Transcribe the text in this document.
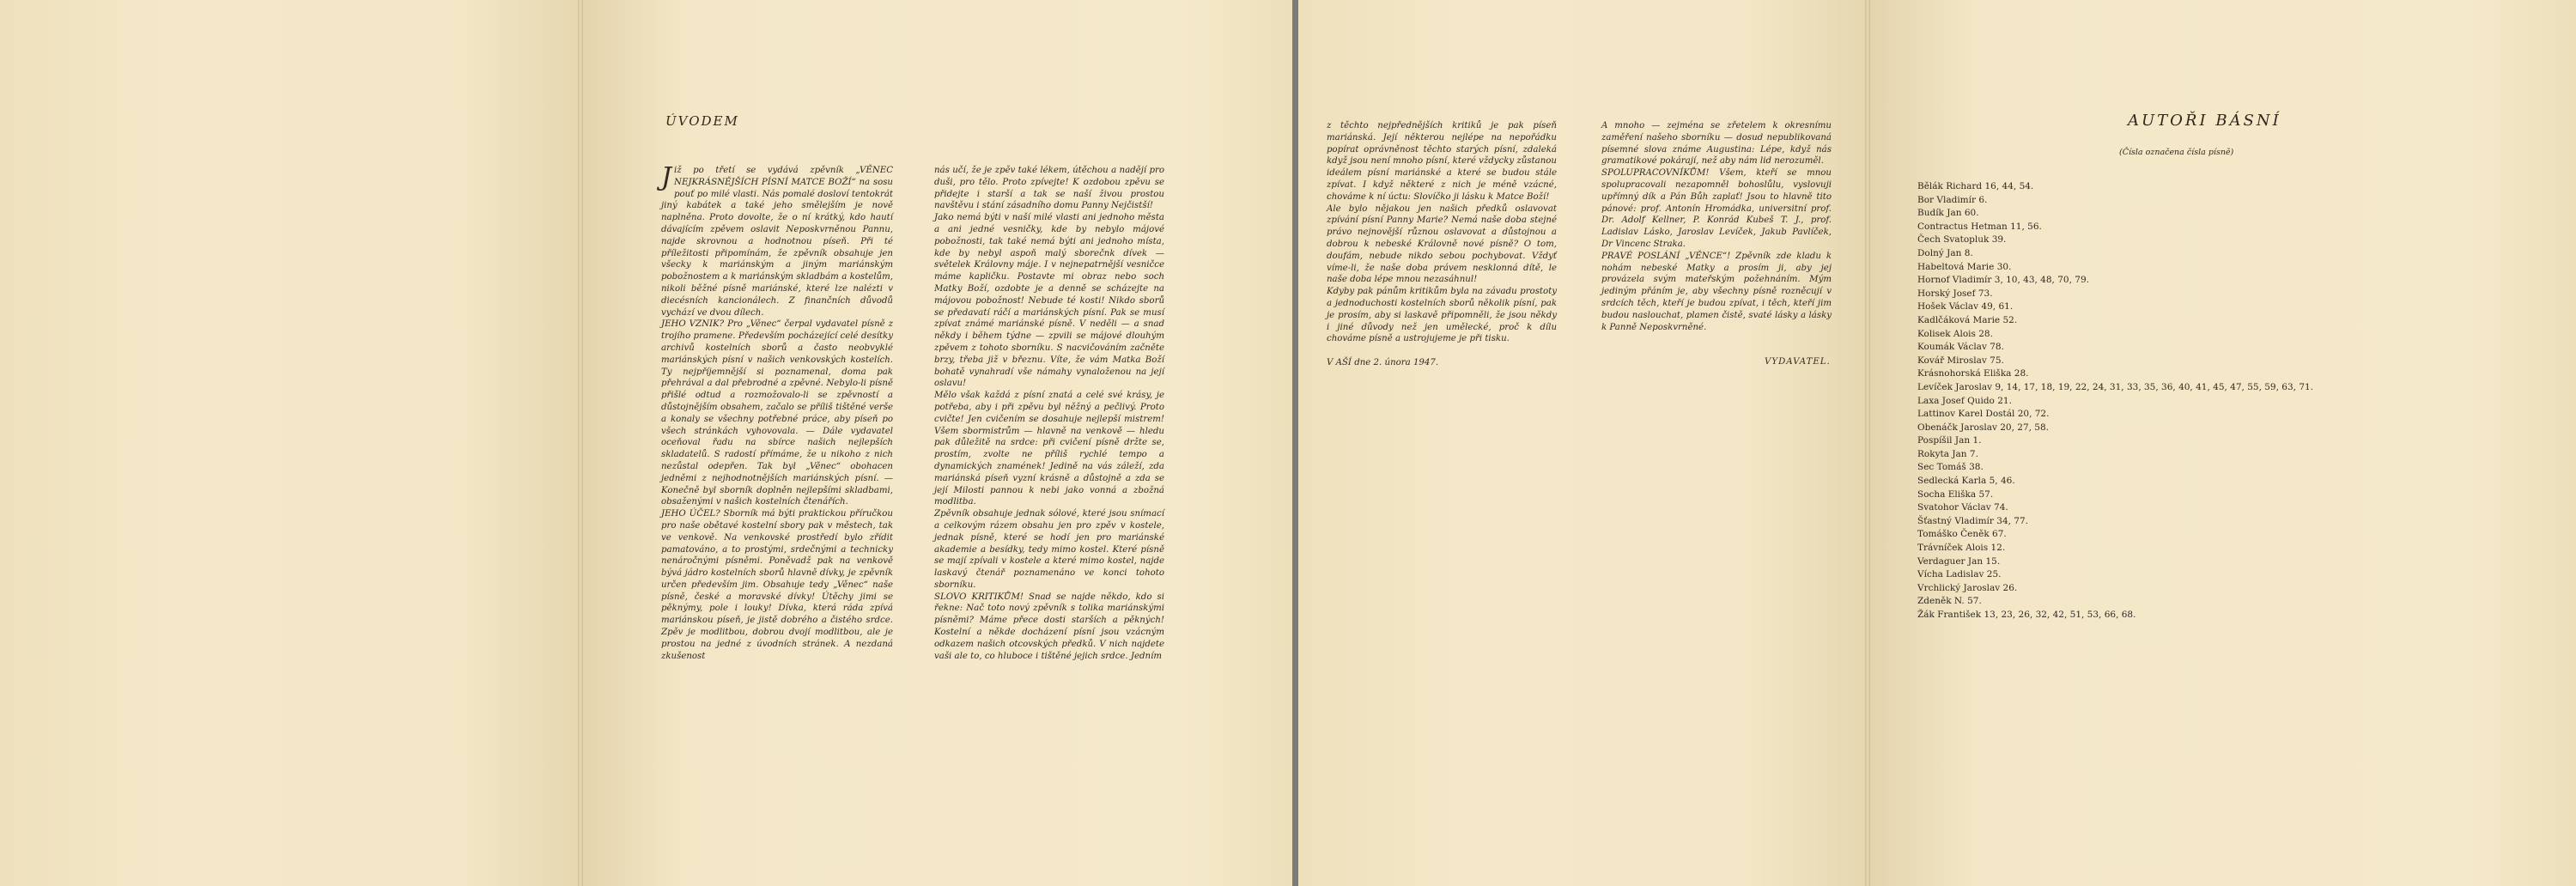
ÚVODEM

Již po třetí se vydává zpěvník „VĚNEC NEJKRÁSNĚJŠÍCH PÍSNÍ MATCE BOŽÍ“ na sosu pouť po milé vlasti. Nás pomalé dosloví tentokrát jiný kabátek a také jeho smělejším je nově naplněna. Proto dovolte, že o ní krátký, kdo hautí dávajícím zpěvem oslavit Neposkvrněnou Pannu, najde skrovnou a hodnotnou píseň. Při té příležitosti připomínám, že zpěvník obsahuje jen všecky k mariánským a jiným mariánským pobožnostem a k mariánským skladbám a kostelům, nikoli běžné písně mariánské, které lze nalézti v diecésních kancionálech. Z finančních důvodů vychází ve dvou dílech.

JEHO VZNIK? Pro „Věnec“ čerpal vydavatel písně z trojího pramene. Především pocházející celé desítky archivů kostelních sborů a často neobvyklé mariánských písní v našich venkovských kostelích. Ty nejpříjemnější si poznamenal, doma pak přehrával a dal přebrodné a zpěvné. Nebylo-li písně přišlé odtud a rozmožovalo-li se zpěvností a důstojnějším obsahem, začalo se příliš tištěné verše a konaly se všechny potřebné práce, aby píseň po všech stránkách vyhovovala. — Dále vydavatel oceňoval řadu na sbírce našich nejlepších skladatelů. S radostí přímáme, že u nikoho z nich nezůstal odepřen. Tak byl „Věnec“ obohacen jedněmi z nejhodnotnějších mariánských písní. — Konečně byl sborník doplněn nejlepšími skladbami, obsaženými v našich kostelních čtenářích.

JEHO ÚČEL? Sborník má býti praktickou příručkou pro naše obětavé kostelní sbory pak v městech, tak ve venkově. Na venkovské prostředí bylo zřídit pamatováno, a to prostými, srdečnými a technicky nenáročnými písněmi. Poněvadž pak na venkově bývá jádro kostelních sborů hlavně dívky, je zpěvník určen především jim. Obsahuje tedy „Věnec“ naše písně, české a moravské dívky! Útěchy jimi se pěknýmy, pole i louky! Dívka, která ráda zpívá mariánskou píseň, je jistě dobrého a čistého srdce. Zpěv je modlitbou, dobrou dvojí modlitbou, ale je prostou na jedné z úvodních stránek. A nezdaná zkušenost

nás učí, že je zpěv také lékem, útěchou a nadějí pro duši, pro tělo. Proto zpívejte! K ozdobou zpěvu se přidejte i starší a tak se naší živou prostou navštěvu i stání zásadního domu Panny Nejčistší!

Jako nemá býti v naší milé vlasti ani jednoho města a ani jedné vesničky, kde by nebylo májové pobožnosti, tak také nemá býti ani jednoho místa, kde by nebyl aspoň malý sborečnk dívek — světelek Královny máje. I v nejnepatrnější vesničce máme kapličku. Postavte mi obraz nebo soch Matky Boží, ozdobte je a denně se scházejte na májovou pobožnost! Nebude té kosti! Nikdo sborů se předavatí ráčí a mariánských písní. Pak se musí zpívat známé mariánské písně. V neděli — a snad někdy i během týdne — zpvili se májové dlouhým zpěvem z tohoto sborníku. S nacvičováním začněte brzy, třeba již v březnu. Víte, že vám Matka Boží bohatě vynahradí vše námahy vynaloženou na její oslavu!

Mělo však každá z písní znatá a celé své krásy, je potřeba, aby i při zpěvu byl něžný a pečlivý. Proto cvičte! Jen cvičením se dosahuje nejlepší mistrem! Všem sbormistrům — hlavně na venkově — hledu pak důležitě na srdce: při cvičení písně držte se, prostím, zvolte ne příliš rychlé tempo a dynamických znamének! Jedině na vás záleží, zda mariánská píseň vyzní krásně a důstojně a zda se její Milosti pannou k nebi jako vonná a zbožná modlitba.

Zpěvník obsahuje jednak sólové, které jsou snímací a celkovým rázem obsahu jen pro zpěv v kostele, jednak písně, které se hodí jen pro mariánské akademie a besídky, tedy mimo kostel. Které písně se mají zpívali v kostele a které mimo kostel, najde laskavý čtenář poznamenáno ve konci tohoto sborníku.

SLOVO KRITIKŮM! Snad se najde někdo, kdo si řekne: Nač toto nový zpěvník s tolika mariánskými písněmi? Máme přece dosti starších a pěkných! Kostelní a někde docházení písní jsou vzácným odkazem našich otcovských předků. V nich najdete vaši ale to, co hluboce i tištěné jejich srdce. Jedním

z těchto nejpřednějších kritiků je pak píseň mariánská. Její některou nejlépe na nepořádku popírat oprávněnost těchto starých písní, zdaleká když jsou není mnoho písní, které vždycky zůstanou ideálem písní mariánské a které se budou stále zpívat. I když některé z nich je méně vzácné, chováme k ní úctu: Slovíčko ji lásku k Matce Boží!

Ale bylo nějakou jen našich předků oslavovat zpívání písní Panny Marie? Nemá naše doba stejné právo nejnovější různou oslavovat a důstojnou a dobrou k nebeské Královně nové písně? O tom, doufám, nebude nikdo sebou pochybovat. Vždyť víme-li, že naše doba právem nesklonná dítě, le naše doba lépe mnou nezasáhnul!

Kdyby pak pánům kritikům byla na závadu prostoty a jednoduchosti kostelních sborů několik písní, pak je prosím, aby si laskavě připomněli, že jsou někdy i jiné důvody než jen umělecké, proč k dílu chováme písně a ustrojujeme je při tisku.

V AŠÍ dne 2. února 1947.

A mnoho — zejména se zřetelem k okresnímu zaměření našeho sborníku — dosud nepublikovaná písemné slova známe Augustina: Lépe, když nás gramatikové pokárají, než aby nám lid nerozuměl.

SPOLUPRACOVNÍKŮM! Všem, kteří se mnou spolupracovali nezapomněl bohoslůlu, vyslovuji upřímný dík a Pán Bůh zaplať! Jsou to hlavně tito pánové: prof. Antonín Hromádka, universitní prof. Dr. Adolf Kellner, P. Konrád Kubeš T. J., prof. Ladislav Lásko, Jaroslav Levíček, Jakub Pavlíček, Dr Vincenc Straka.

PRAVÉ POSLÁNÍ „VĚNCE“! Zpěvník zde kladu k nohám nebeské Matky a prosím ji, aby jej provázela svým mateřským požehnáním. Mým jediným přáním je, aby všechny písně rozněcují v srdcích těch, kteří je budou zpívat, i těch, kteří jim budou naslouchat, plamen čistě, svaté lásky a lásky k Panně Neposkvrněné.

VYDAVATEL.
AUTOŘI BÁSNÍ
(Čísla označena čísla písně)
Bělák Richard 16, 44, 54.
Bor Vladimír 6.
Budík Jan 60.
Contractus Hetman 11, 56.
Čech Svatopluk 39.
Dolný Jan 8.
Habeltová Marie 30.
Hornof Vladimír 3, 10, 43, 48, 70, 79.
Horský Josef 73.
Hošek Václav 49, 61.
Kadlčáková Marie 52.
Kolisek Alois 28.
Koumák Václav 78.
Kovář Miroslav 75.
Krásnohorská Eliška 28.
Levíček Jaroslav 9, 14, 17, 18, 19, 22, 24, 31, 33, 35, 36, 40, 41, 45, 47, 55, 59, 63, 71.
Laxa Josef Quido 21.
Lattinov Karel Dostál 20, 72.
Obenáčk Jaroslav 20, 27, 58.
Pospíšil Jan 1.
Rokyta Jan 7.
Sec Tomáš 38.
Sedlecká Karla 5, 46.
Socha Eliška 57.
Svatohor Václav 74.
Šťastný Vladimír 34, 77.
Tomáško Čeněk 67.
Trávníček Alois 12.
Verdaguer Jan 15.
Vícha Ladislav 25.
Vrchlický Jaroslav 26.
Zdeněk N. 57.
Žák František 13, 23, 26, 32, 42, 51, 53, 66, 68.
